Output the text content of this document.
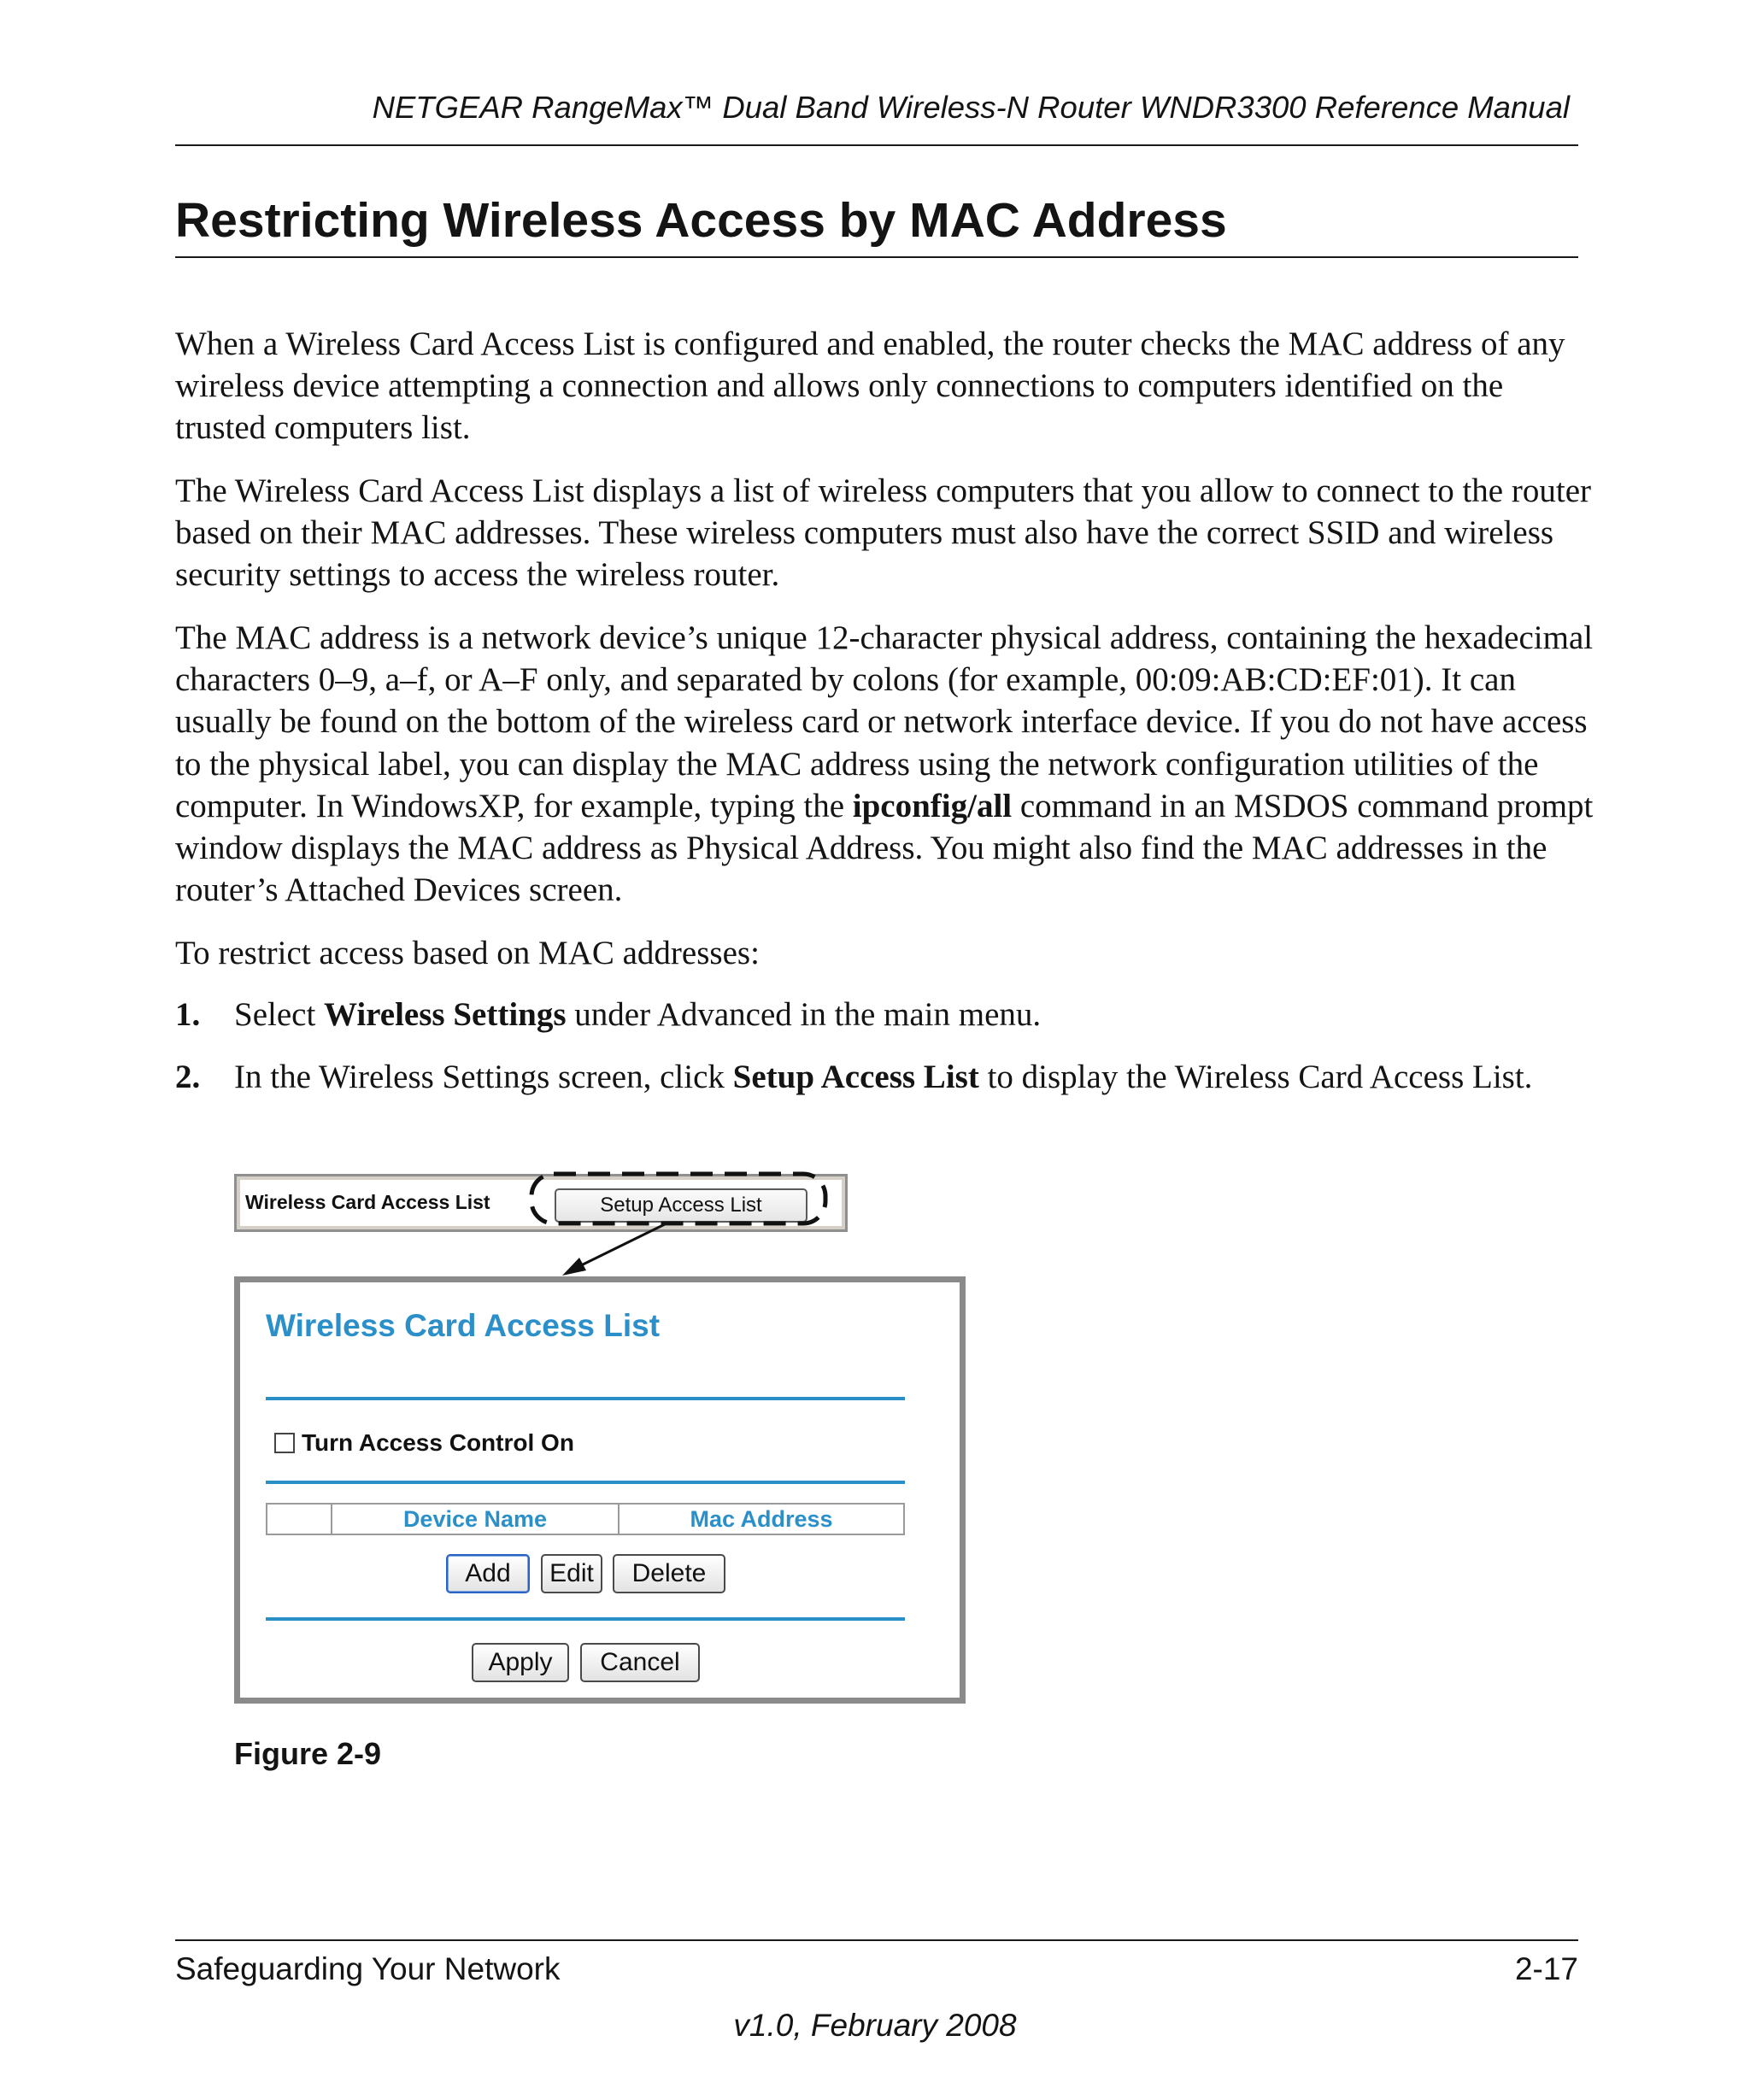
NETGEAR RangeMax™ Dual Band Wireless-N Router WNDR3300 Reference Manual
Restricting Wireless Access by MAC Address

When a Wireless Card Access List is configured and enabled, the router checks the MAC address of any wireless device attempting a connection and allows only connections to computers identified on the trusted computers list.

The Wireless Card Access List displays a list of wireless computers that you allow to connect to the router based on their MAC addresses. These wireless computers must also have the correct SSID and wireless security settings to access the wireless router.

The MAC address is a network device’s unique 12-character physical address, containing the hexadecimal characters 0–9, a–f, or A–F only, and separated by colons (for example, 00:09:AB:CD:EF:01). It can usually be found on the bottom of the wireless card or network interface device. If you do not have access to the physical label, you can display the MAC address using the network configuration utilities of the computer. In WindowsXP, for example, typing the ipconfig/all command in an MSDOS command prompt window displays the MAC address as Physical Address. You might also find the MAC addresses in the router’s Attached Devices screen.

To restrict access based on MAC addresses:

1. Select Wireless Settings under Advanced in the main menu.
2. In the Wireless Settings screen, click Setup Access List to display the Wireless Card Access List.
Wireless Card Access List	Setup Access List
Wireless Card Access List
Turn Access Control On
Device Name	Mac Address
Add	Edit	Delete
Apply	Cancel
Figure 2-9
Safeguarding Your Network	2-17
v1.0, February 2008
